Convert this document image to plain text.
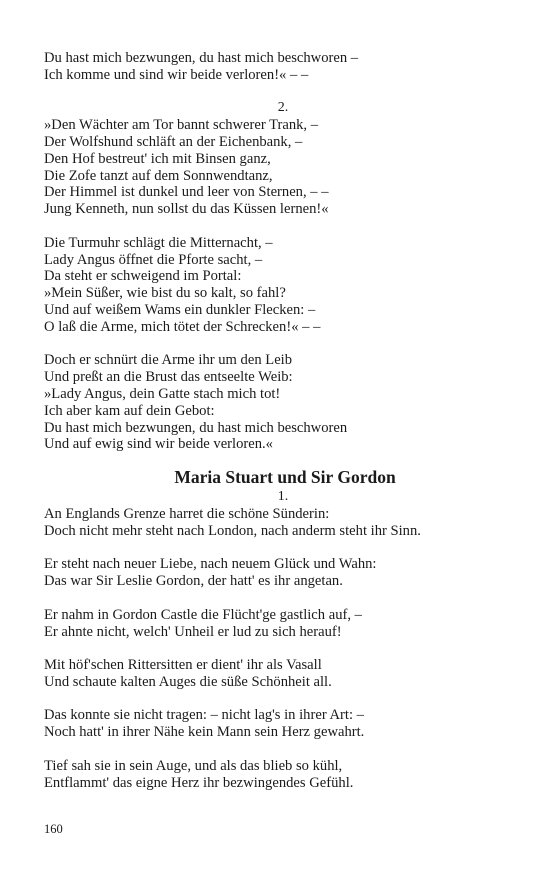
Du hast mich bezwungen, du hast mich beschworen –
Ich komme und sind wir beide verloren!« – –
2.
»Den Wächter am Tor bannt schwerer Trank, –
Der Wolfshund schläft an der Eichenbank, –
Den Hof bestreut' ich mit Binsen ganz,
Die Zofe tanzt auf dem Sonnwendtanz,
Der Himmel ist dunkel und leer von Sternen, – –
Jung Kenneth, nun sollst du das Küssen lernen!«
Die Turmuhr schlägt die Mitternacht, –
Lady Angus öffnet die Pforte sacht, –
Da steht er schweigend im Portal:
»Mein Süßer, wie bist du so kalt, so fahl?
Und auf weißem Wams ein dunkler Flecken: –
O laß die Arme, mich tötet der Schrecken!« – –
Doch er schnürt die Arme ihr um den Leib
Und preßt an die Brust das entseelte Weib:
»Lady Angus, dein Gatte stach mich tot!
Ich aber kam auf dein Gebot:
Du hast mich bezwungen, du hast mich beschworen
Und auf ewig sind wir beide verloren.«
Maria Stuart und Sir Gordon
1.
An Englands Grenze harret die schöne Sünderin:
Doch nicht mehr steht nach London, nach anderm steht ihr Sinn.
Er steht nach neuer Liebe, nach neuem Glück und Wahn:
Das war Sir Leslie Gordon, der hatt' es ihr angetan.
Er nahm in Gordon Castle die Flücht'ge gastlich auf, –
Er ahnte nicht, welch' Unheil er lud zu sich herauf!
Mit höf'schen Rittersitten er dient' ihr als Vasall
Und schaute kalten Auges die süße Schönheit all.
Das konnte sie nicht tragen: – nicht lag's in ihrer Art: –
Noch hatt' in ihrer Nähe kein Mann sein Herz gewahrt.
Tief sah sie in sein Auge, und als das blieb so kühl,
Entflammt' das eigne Herz ihr bezwingendes Gefühl.
160
